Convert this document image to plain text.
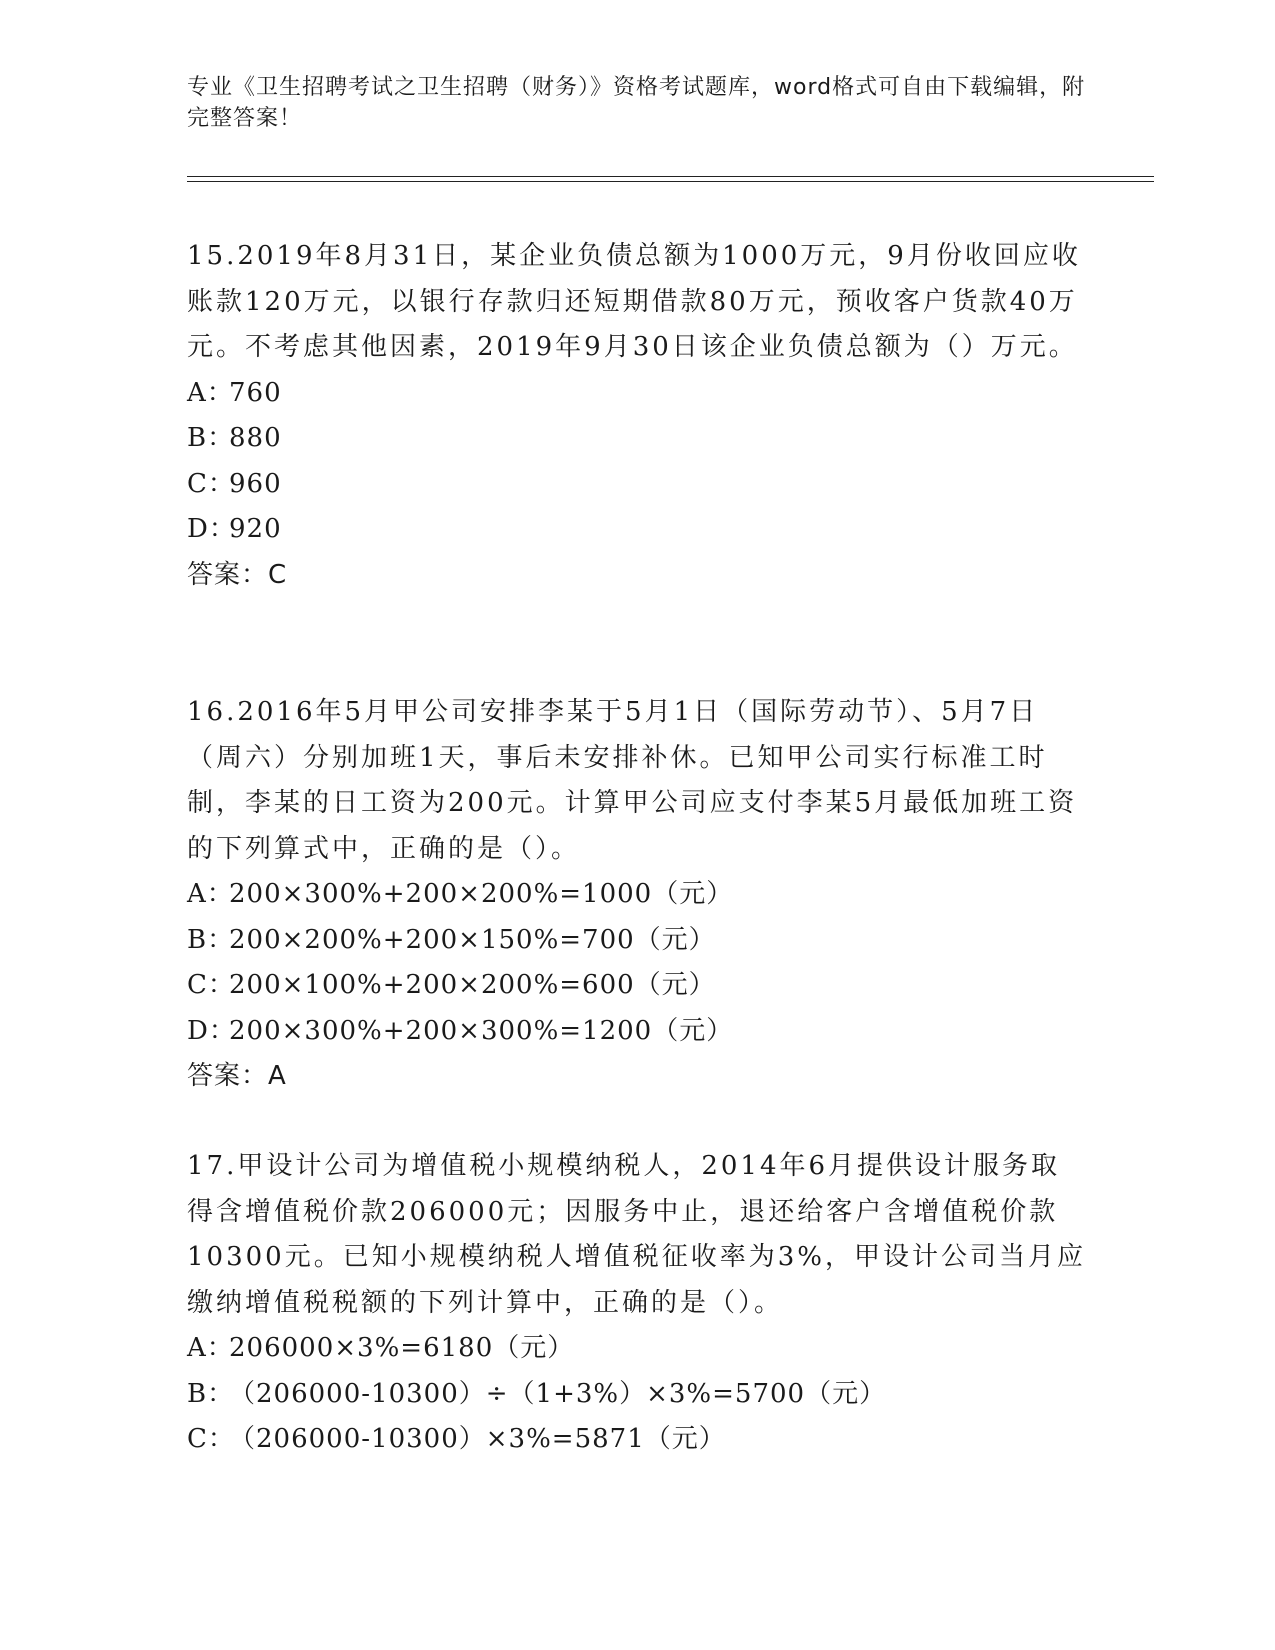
专业《卫生招聘考试之卫生招聘（财务）》资格考试题库，word格式可自由下载编辑，附完整答案！
15.2019年8月31日，某企业负债总额为1000万元，9月份收回应收账款120万元，以银行存款归还短期借款80万元，预收客户货款40万元。不考虑其他因素，2019年9月30日该企业负债总额为（）万元。
A：760
B：880
C：960
D：920
答案：C
16.2016年5月甲公司安排李某于5月1日（国际劳动节）、5月7日（周六）分别加班1天，事后未安排补休。已知甲公司实行标准工时制，李某的日工资为200元。计算甲公司应支付李某5月最低加班工资的下列算式中，正确的是（）。
A：200×300%+200×200%=1000（元）
B：200×200%+200×150%=700（元）
C：200×100%+200×200%=600（元）
D：200×300%+200×300%=1200（元）
答案：A
17.甲设计公司为增值税小规模纳税人，2014年6月提供设计服务取得含增值税价款206000元；因服务中止，退还给客户含增值税价款10300元。已知小规模纳税人增值税征收率为3%，甲设计公司当月应缴纳增值税税额的下列计算中，正确的是（）。
A：206000×3%=6180（元）
B：（206000-10300）÷（1+3%）×3%=5700（元）
C：（206000-10300）×3%=5871（元）
